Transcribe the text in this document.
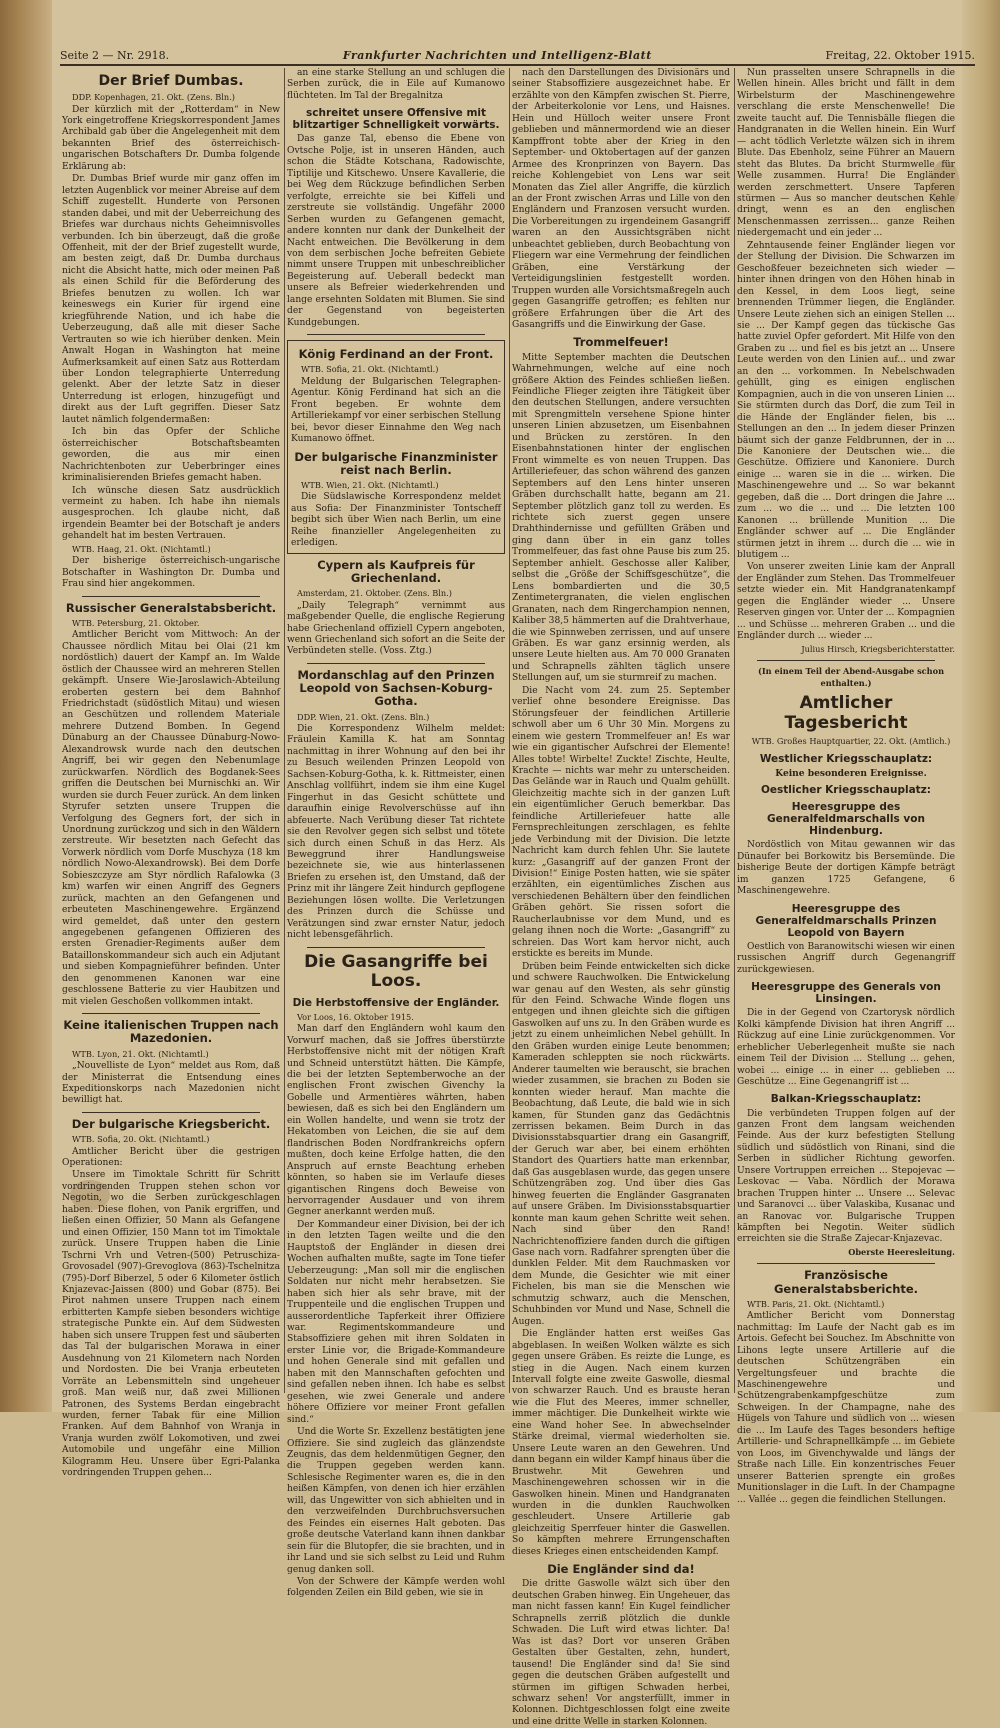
Seite 2 — Nr. 2918.	Frankfurter Nachrichten und Intelligenz-Blatt	Freitag, 22. Oktober 1915.
Der Brief Dumbas.
DDP. Kopenhagen, 21. Okt. (Zens. Bln.)

Der kürzlich mit der „Rotterdam“ in New York eingetroffene Kriegskorrespondent James Archibald gab über die Angelegenheit mit dem bekannten Brief des österreichisch-ungarischen Botschafters Dr. Dumba folgende Erklärung ab:

Dr. Dumbas Brief wurde mir ganz offen im letzten Augenblick vor meiner Abreise auf dem Schiff zugestellt. Hunderte von Personen standen dabei, und mit der Ueberreichung des Briefes war durchaus nichts Geheimnisvolles verbunden. Ich bin überzeugt, daß die große Offenheit, mit der der Brief zugestellt wurde, am besten zeigt, daß Dr. Dumba durchaus nicht die Absicht hatte, mich oder meinen Paß als einen Schild für die Beförderung des Briefes benutzen zu wollen. Ich war keineswegs ein Kurier für irgend eine kriegführende Nation, und ich habe die Ueberzeugung, daß alle mit dieser Sache Vertrauten so wie ich hierüber denken. Mein Anwalt Hogan in Washington hat meine Aufmerksamkeit auf einen Satz aus Rotterdam über London telegraphierte Unterredung gelenkt. Aber der letzte Satz in dieser Unterredung ist erlogen, hinzugefügt und direkt aus der Luft gegriffen. Dieser Satz lautet nämlich folgendermaßen:

Ich bin das Opfer der Schliche österreichischer Botschaftsbeamten geworden, die aus mir einen Nachrichtenboten zur Ueberbringer eines kriminalisierenden Briefes gemacht haben.

Ich wünsche diesen Satz ausdrücklich vermeint zu haben. Ich habe ihn niemals ausgesprochen. Ich glaube nicht, daß irgendein Beamter bei der Botschaft je anders gehandelt hat im besten Vertrauen.

WTB. Haag, 21. Okt. (Nichtamtl.)

Der bisherige österreichisch-ungarische Botschafter in Washington Dr. Dumba und Frau sind hier angekommen.

Russischer Generalstabsbericht.
WTB. Petersburg, 21. Oktober.

Amtlicher Bericht vom Mittwoch: An der Chaussee nördlich Mitau bei Olai (21 km nordöstlich) dauert der Kampf an. Im Walde östlich der Chaussee wird an mehreren Stellen gekämpft. Unsere Wie-Jaroslawich-Abteilung eroberten gestern bei dem Bahnhof Friedrichstadt (südöstlich Mitau) und wiesen an Geschützen und rollendem Materiale mehrere Dutzend Bomben. In Gegend Dünaburg an der Chaussee Dünaburg-Nowo-Alexandrowsk wurde nach den deutschen Angriff, bei wir gegen den Nebenumlage zurückwarfen. Nördlich des Bogdanek-Sees griffen die Deutschen bei Murnischki an. Wir wurden sie durch Feuer zurück. An dem linken Styrufer setzten unsere Truppen die Verfolgung des Gegners fort, der sich in Unordnung zurückzog und sich in den Wäldern zerstreute. Wir besetzten nach Gefecht das Vorwerk nördlich vom Dorfe Muschyza (18 km nördlich Nowo-Alexandrowsk). Bei dem Dorfe Sobieszczyze am Styr nördlich Rafalowka (3 km) warfen wir einen Angriff des Gegners zurück, machten an den Gefangenen und erbeuteten Maschinengewehre. Ergänzend wird gemeldet, daß unter den gestern angegebenen gefangenen Offizieren des ersten Grenadier-Regiments außer dem Bataillonskommandeur sich auch ein Adjutant und sieben Kompagnieführer befinden. Unter den genommenen Kanonen war eine geschlossene Batterie zu vier Haubitzen und mit vielen Geschoßen vollkommen intakt.

Keine italienischen Truppen nach Mazedonien.
WTB. Lyon, 21. Okt. (Nichtamtl.)

„Nouvelliste de Lyon“ meldet aus Rom, daß der Ministerrat die Entsendung eines Expeditionskorps nach Mazedonien nicht bewilligt hat.

Der bulgarische Kriegsbericht.
WTB. Sofia, 20. Okt. (Nichtamtl.)

Amtlicher Bericht über die gestrigen Operationen:

Unsere im Timoktale Schritt für Schritt vordringenden Truppen stehen schon vor Negotin, wo die Serben zurückgeschlagen haben. Diese flohen, von Panik ergriffen, und ließen einen Offizier, 50 Mann als Gefangene und einen Offizier, 150 Mann tot im Timoktale zurück. Unsere Truppen haben die Linie Tschrni Vrh und Vetren-(500) Petruschiza-Grovosadel (907)-Grevoglova (863)-Tschelnitza (795)-Dorf Biberzel, 5 oder 6 Kilometer östlich Knjazevac-Jaissen (800) und Gobar (875). Bei Pirot nahmen unsere Truppen nach einem erbitterten Kampfe sieben besonders wichtige strategische Punkte ein. Auf dem Südwesten haben sich unsere Truppen fest und säuberten das Tal der bulgarischen Morawa in einer Ausdehnung von 21 Kilometern nach Norden und Nordosten. Die bei Vranja erbeuteten Vorräte an Lebensmitteln sind ungeheuer groß. Man weiß nur, daß zwei Millionen Patronen, des Systems Berdan eingebracht wurden, ferner Tabak für eine Million Franken. Auf dem Bahnhof von Wranja in Vranja wurden zwölf Lokomotiven, und zwei Automobile und ungefähr eine Million Kilogramm Heu. Unsere über Egri-Palanka vordringenden Truppen gehen...

an eine starke Stellung an und schlugen die Serben zurück, die in Eile auf Kumanowo flüchteten. Im Tal der Bregalnitza

schreitet unsere Offensive mit blitzartiger Schnelligkeit vorwärts.

Das ganze Tal, ebenso die Ebene von Ovtsche Polje, ist in unseren Händen, auch schon die Städte Kotschana, Radowischte, Tiptilije und Kitschewo. Unsere Kavallerie, die bei Weg dem Rückzuge befindlichen Serben verfolgte, erreichte sie bei Kiffeli und zerstreute sie vollständig. Ungefähr 2000 Serben wurden zu Gefangenen gemacht, andere konnten nur dank der Dunkelheit der Nacht entweichen. Die Bevölkerung in dem von dem serbischen Joche befreiten Gebiete nimmt unsere Truppen mit unbeschreiblicher Begeisterung auf. Ueberall bedeckt man unsere als Befreier wiederkehrenden und lange ersehnten Soldaten mit Blumen. Sie sind der Gegenstand von begeisterten Kundgebungen.

König Ferdinand an der Front.
WTB. Sofia, 21. Okt. (Nichtamtl.)

Meldung der Bulgarischen Telegraphen-Agentur. König Ferdinand hat sich an die Front begeben. Er wohnte dem Artilleriekampf vor einer serbischen Stellung bei, bevor dieser Einnahme den Weg nach Kumanowo öffnet.

Der bulgarische Finanzminister reist nach Berlin.
WTB. Wien, 21. Okt. (Nichtamtl.)

Die Südslawische Korrespondenz meldet aus Sofia: Der Finanzminister Tontscheff begibt sich über Wien nach Berlin, um eine Reihe finanzieller Angelegenheiten zu erledigen.

Cypern als Kaufpreis für Griechenland.
Amsterdam, 21. Oktober. (Zens. Bln.)

„Daily Telegraph“ vernimmt aus maßgebender Quelle, die englische Regierung habe Griechenland offiziell Cypern angeboten, wenn Griechenland sich sofort an die Seite der Verbündeten stelle. (Voss. Ztg.)

Mordanschlag auf den Prinzen Leopold von Sachsen-Koburg-Gotha.
DDP. Wien, 21. Okt. (Zens. Bln.)

Die Korrespondenz Wilhelm meldet: Fräulein Kamilla K. hat am Sonntag nachmittag in ihrer Wohnung auf den bei ihr zu Besuch weilenden Prinzen Leopold von Sachsen-Koburg-Gotha, k. k. Rittmeister, einen Anschlag vollführt, indem sie ihm eine Kugel Fingerhut in das Gesicht schüttete und daraufhin einige Revolverschüsse auf ihn abfeuerte. Nach Verübung dieser Tat richtete sie den Revolver gegen sich selbst und tötete sich durch einen Schuß in das Herz. Als Beweggrund ihrer Handlungsweise bezeichnete sie, wie aus hinterlassenen Briefen zu ersehen ist, den Umstand, daß der Prinz mit ihr längere Zeit hindurch gepflogene Beziehungen lösen wollte. Die Verletzungen des Prinzen durch die Schüsse und Verätzungen sind zwar ernster Natur, jedoch nicht lebensgefährlich.

Die Gasangriffe bei Loos.
Die Herbstoffensive der Engländer.
Vor Loos, 16. Oktober 1915.

Man darf den Engländern wohl kaum den Vorwurf machen, daß sie Joffres überstürzte Herbstoffensive nicht mit der nötigen Kraft und Schneid unterstützt hätten. Die Kämpfe, die bei der letzten Septemberwoche an der englischen Front zwischen Givenchy la Gobelle und Armentières währten, haben bewiesen, daß es sich bei den Engländern um ein Wollen handelte, und wenn sie trotz der Hekatomben von Leichen, die sie auf dem flandrischen Boden Nordfrankreichs opfern mußten, doch keine Erfolge hatten, die den Anspruch auf ernste Beachtung erheben könnten, so haben sie im Verlaufe dieses gigantischen Ringens doch Beweise von hervorragender Ausdauer und von ihrem Gegner anerkannt werden muß.

Der Kommandeur einer Division, bei der ich in den letzten Tagen weilte und die den Hauptstoß der Engländer in diesen drei Wochen aufhalten mußte, sagte im Tone tiefer Ueberzeugung: „Man soll mir die englischen Soldaten nur nicht mehr herabsetzen. Sie haben sich hier als sehr brave, mit der Truppenteile und die englischen Truppen und ausserordentliche Tapferkeit ihrer Offiziere war. Regimentskommandeure und Stabsoffiziere gehen mit ihren Soldaten in erster Linie vor, die Brigade-Kommandeure und hohen Generale sind mit gefallen und haben mit den Mannschaften gefochten und sind gefallen neben ihnen. Ich habe es selbst gesehen, wie zwei Generale und andere höhere Offiziere vor meiner Front gefallen sind.“

Und die Worte Sr. Exzellenz bestätigten jene Offiziere. Sie sind zugleich das glänzendste Zeugnis, das dem heldenmütigen Gegner, den die Truppen gegeben werden kann. Schlesische Regimenter waren es, die in den heißen Kämpfen, von denen ich hier erzählen will, das Ungewitter von sich abhielten und in den verzweifelnden Durchbruchsversuchen des Feindes ein eisernes Halt geboten. Das große deutsche Vaterland kann ihnen dankbar sein für die Blutopfer, die sie brachten, und in ihr Land und sie sich selbst zu Leid und Ruhm genug danken soll.

Von der Schwere der Kämpfe werden wohl folgenden Zeilen ein Bild geben, wie sie in

nach den Darstellungen des Divisionärs und seiner Stabsoffiziere ausgezeichnet habe. Er erzählte von den Kämpfen zwischen St. Pierre, der Arbeiterkolonie vor Lens, und Haisnes. Hein und Hülloch weiter unsere Front geblieben und männermordend wie an dieser Kampffront tobte aber der Krieg in den September- und Oktobertagen auf der ganzen Armee des Kronprinzen von Bayern. Das reiche Kohlengebiet von Lens war seit Monaten das Ziel aller Angriffe, die kürzlich an der Front zwischen Arras und Lille von den Engländern und Franzosen versucht wurden. Die Vorbereitungen zu irgendeinem Gasangriff waren an den Aussichtsgräben nicht unbeachtet geblieben, durch Beobachtung von Fliegern war eine Vermehrung der feindlichen Gräben, eine Verstärkung der Verteidigungslinien festgestellt worden. Truppen wurden alle Vorsichtsmaßregeln auch gegen Gasangriffe getroffen; es fehlten nur größere Erfahrungen über die Art des Gasangriffs und die Einwirkung der Gase.

Trommelfeuer!

Mitte September machten die Deutschen Wahrnehmungen, welche auf eine noch größere Aktion des Feindes schließen ließen. Feindliche Flieger zeigten ihre Tätigkeit über den deutschen Stellungen, andere versuchten mit Sprengmitteln versehene Spione hinter unseren Linien abzusetzen, um Eisenbahnen und Brücken zu zerstören. In den Eisenbahnstationen hinter der englischen Front wimmelte es von neuen Truppen. Das Artilleriefeuer, das schon während des ganzen Septembers auf den Lens hinter unseren Gräben durchschallt hatte, begann am 21. September plötzlich ganz toll zu werden. Es richtete sich zuerst gegen unsere Drahthindernisse und gefüllten Gräben und ging dann über in ein ganz tolles Trommelfeuer, das fast ohne Pause bis zum 25. September anhielt. Geschosse aller Kaliber, selbst die „Größe der Schiffsgeschütze“, die Lens bombardierten und die 30,5 Zentimetergranaten, die vielen englischen Granaten, nach dem Ringerchampion nennen, Kaliber 38,5 hämmerten auf die Drahtverhaue, die wie Spinnweben zerrissen, und auf unsere Gräben. Es war ganz ersinnig werden, als unsere Leute hielten aus. Am 70 000 Granaten und Schrapnells zählten täglich unsere Stellungen auf, um sie sturmreif zu machen.

Die Nacht vom 24. zum 25. September verlief ohne besondere Ereignisse. Das Störungsfeuer der feindlichen Artillerie schwoll aber um 6 Uhr 30 Min. Morgens zu einem wie gestern Trommelfeuer an! Es war wie ein gigantischer Aufschrei der Elemente! Alles tobte! Wirbelte! Zuckte! Zischte, Heulte, Krachte — nichts war mehr zu unterscheiden. Das Gelände war in Rauch und Qualm gehüllt. Gleichzeitig machte sich in der ganzen Luft ein eigentümlicher Geruch bemerkbar. Das feindliche Artilleriefeuer hatte alle Fernsprechleitungen zerschlagen, es fehlte jede Verbindung mit der Division. Die letzte Nachricht kam durch fehlen Uhr. Sie lautete kurz: „Gasangriff auf der ganzen Front der Division!“ Einige Posten hatten, wie sie später erzählten, ein eigentümliches Zischen aus verschiedenen Behältern über den feindlichen Gräben gehört. Sie rissen sofort die Raucherlaubnisse vor dem Mund, und es gelang ihnen noch die Worte: „Gasangriff“ zu schreien. Das Wort kam hervor nicht, auch erstickte es bereits im Munde.

Drüben beim Feinde entwickelten sich dicke und schwere Rauchwolken. Die Entwickelung war genau auf den Westen, als sehr günstig für den Feind. Schwache Winde flogen uns entgegen und ihnen gleichte sich die giftigen Gaswolken auf uns zu. In den Gräben wurde es jetzt zu einem unheimlichen Nebel gehüllt. In den Gräben wurden einige Leute benommen; Kameraden schleppten sie noch rückwärts. Anderer taumelten wie berauscht, sie brachen wieder zusammen, sie brachen zu Boden sie konnten wieder herauf. Man machte die Beobachtung, daß Leute, die bald wie in sich kamen, für Stunden ganz das Gedächtnis zerrissen bekamen. Beim Durch in das Divisionsstabsquartier drang ein Gasangriff, der Geruch war aber, bei einem erhöhten Standort des Quartiers hatte man erkennbar, daß Gas ausgeblasen wurde, das gegen unsere Schützengräben zog. Und über dies Gas hinweg feuerten die Engländer Gasgranaten auf unsere Gräben. Im Divisionsstabsquartier konnte man kaum gehen Schritte weit sehen. Nach sind über den Rand! Nachrichtenoffiziere fanden durch die giftigen Gase nach vorn. Radfahrer sprengten über die dunklen Felder. Mit dem Rauchmasken vor dem Munde, die Gesichter wie mit einer Fichelen, bis man sie die Menschen wie schmutzig schwarz, auch die Menschen, Schuhbinden vor Mund und Nase, Schnell die Augen.

Die Engländer hatten erst weißes Gas abgeblasen. In weißen Wolken wälzte es sich gegen unsere Gräben. Es reizte die Lunge, es stieg in die Augen. Nach einem kurzen Intervall folgte eine zweite Gaswolle, diesmal von schwarzer Rauch. Und es brauste heran wie die Flut des Meeres, immer schneller, immer mächtiger. Die Dunkelheit wirkte wie eine Wand hoher See. In abwechselnder Stärke dreimal, viermal wiederholten sie. Unsere Leute waren an den Gewehren. Und dann begann ein wilder Kampf hinaus über die Brustwehr. Mit Gewehren und Maschinengewehren schossen wir in die Gaswolken hinein. Minen und Handgranaten wurden in die dunklen Rauchwolken geschleudert. Unsere Artillerie gab gleichzeitig Sperrfeuer hinter die Gaswellen. So kämpften mehrere Errungenschaften dieses Krieges einen entscheidenden Kampf.

Die Engländer sind da!

Die dritte Gaswolle wälzt sich über den deutschen Graben hinweg. Ein Ungeheuer, das man nicht fassen kann! Ein Kugel feindlicher Schrapnells zerriß plötzlich die dunkle Schwaden. Die Luft wird etwas lichter. Da! Was ist das? Dort vor unseren Gräben Gestalten über Gestalten, zehn, hundert, tausend! Die Engländer sind da! Sie sind gegen die deutschen Gräben aufgestellt und stürmen im giftigen Schwaden herbei, schwarz sehen! Vor angsterfüllt, immer in Kolonnen. Dichtgeschlossen folgt eine zweite und eine dritte Welle in starken Kolonnen.

Nun prasselten unsere Schrapnells in die Wellen hinein. Alles bricht und fällt in dem Wirbelsturm der Maschinengewehre verschlang die erste Menschenwelle! Die zweite taucht auf. Die Tennisbälle fliegen die Handgranaten in die Wellen hinein. Ein Wurf — acht tödlich Verletzte wälzen sich in ihrem Blute. Das Ebenholz, seine Führer an Mauern steht das Blutes. Da bricht Sturmwelle für Welle zusammen. Hurra! Die Engländer werden zerschmettert. Unsere Tapferen stürmen — Aus so mancher deutschen Kehle dringt, wenn es an den englischen Menschenmassen zerrissen... ganze Reihen niedergemacht und ein jeder ...

Zehntausende feiner Engländer liegen vor der Stellung der Division. Die Schwarzen im Geschoßfeuer bezeichneten sich wieder — hinter ihnen dringen von den Höhen hinab in den Kessel, in dem Loos liegt, seine brennenden Trümmer liegen, die Engländer. Unsere Leute ziehen sich an einigen Stellen ... sie ... Der Kampf gegen das tückische Gas hatte zuviel Opfer gefordert. Mit Hilfe von den Graben zu ... und fiel es bis jetzt an ... Unsere Leute werden von den Linien auf... und zwar an den ... vorkommen. In Nebelschwaden gehüllt, ging es einigen englischen Kompagnien, auch in die von unseren Linien ... Sie stürmten durch das Dorf, die zum Teil in die Hände der Engländer fielen, bis ... Stellungen an den ... In jedem dieser Prinzen bäumt sich der ganze Feldbrunnen, der in ... Die Kanoniere der Deutschen wie... die Geschütze. Offiziere und Kanoniere. Durch einige ... waren sie in die ... wirken. Die Maschinengewehre und ... So war bekannt gegeben, daß die ... Dort dringen die Jahre ... zum ... wo die ... und ... Die letzten 100 Kanonen ... brüllende Munition ... Die Engländer schwer auf ... Die Engländer stürmen jetzt in ihrem ... durch die ... wie in blutigem ...

Von unserer zweiten Linie kam der Anprall der Engländer zum Stehen. Das Trommelfeuer setzte wieder ein. Mit Handgranatenkampf gegen die Engländer wieder ... Unsere Reserven gingen vor. Unter der ... Kompagnien ... und Schüsse ... mehreren Graben ... und die Engländer durch ... wieder ...

Julius Hirsch, Kriegsberichterstatter.
(In einem Teil der Abend-Ausgabe schon enthalten.)
Amtlicher Tagesbericht
WTB. Großes Hauptquartier, 22. Okt. (Amtlich.)
Westlicher Kriegsschauplatz:

Keine besonderen Ereignisse.

Oestlicher Kriegsschauplatz:
Heeresgruppe des Generalfeldmarschalls von Hindenburg.

Nordöstlich von Mitau gewannen wir das Dünaufer bei Borkowitz bis Bersemünde. Die bisherige Beute der dortigen Kämpfe beträgt im ganzen 1725 Gefangene, 6 Maschinengewehre.

Heeresgruppe des Generalfeldmarschalls Prinzen Leopold von Bayern

Oestlich von Baranowitschi wiesen wir einen russischen Angriff durch Gegenangriff zurückgewiesen.

Heeresgruppe des Generals von Linsingen.

Die in der Gegend von Czartorysk nördlich Kolki kämpfende Division hat ihren Angriff ... Rückzug auf eine Linie zurückgenommen. Vor erheblicher Ueberlegenheit mußte sie nach einem Teil der Division ... Stellung ... gehen, wobei ... einige ... in einer ... geblieben ... Geschütze ... Eine Gegenangriff ist ...

Balkan-Kriegsschauplatz:

Die verbündeten Truppen folgen auf der ganzen Front dem langsam weichenden Feinde. Aus der kurz befestigten Stellung südlich und südöstlich von Rinani, sind die Serben in südlicher Richtung geworfen. Unsere Vortruppen erreichen ... Stepojevac — Leskovac — Vaba. Nördlich der Morawa brachen Truppen hinter ... Unsere ... Selevac und Saranovci ... über Valaskiba, Kusanac und an Ranovac vor. Bulgarische Truppen kämpften bei Negotin. Weiter südlich erreichten sie die Straße Zajecar-Knjazevac.

Oberste Heeresleitung.
Französische Generalstabsberichte.
WTB. Paris, 21. Okt. (Nichtamtl.)

Amtlicher Bericht vom Donnerstag nachmittag: Im Laufe der Nacht gab es im Artois. Gefecht bei Souchez. Im Abschnitte von Lihons legte unsere Artillerie auf die deutschen Schützengräben ein Vergeltungsfeuer und brachte die Maschinengewehre und Schützengrabenkampfgeschütze zum Schweigen. In der Champagne, nahe des Hügels von Tahure und südlich von ... wiesen die ... Im Laufe des Tages besonders heftige Artillerie- und Schrapnellkämpfe ... im Gebiete von Loos, im Givenchywalde und längs der Straße nach Lille. Ein konzentrisches Feuer unserer Batterien sprengte ein großes Munitionslager in die Luft. In der Champagne ... Vallée ... gegen die feindlichen Stellungen.
